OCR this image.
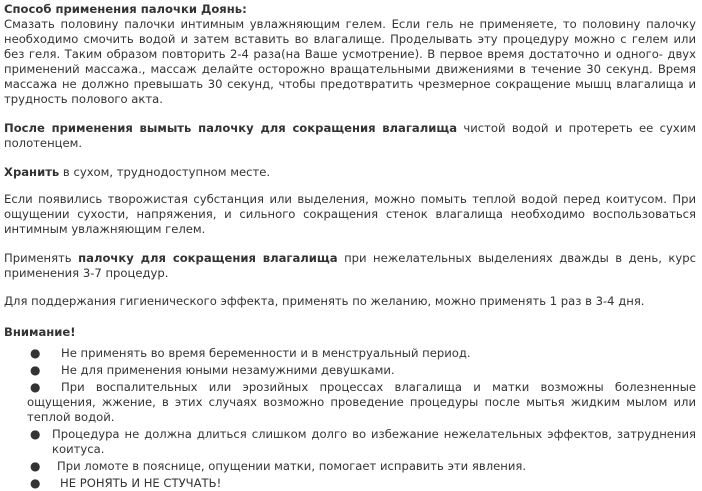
Способ применения палочки Доянь:

Смазать половину палочки интимным увлажняющим гелем. Если гель не применяете, то половину палочку необходимо смочить водой и затем вставить во влагалище. Проделывать эту процедуру можно с гелем или без геля. Таким образом повторить 2-4 раза(на Ваше усмотрение). В первое время достаточно и одного- двух применений массажа., массаж делайте осторожно вращательными движениями в течение 30 секунд. Время массажа не должно превышать 30 секунд, чтобы предотвратить чрезмерное сокращение мышц влагалища и трудность полового акта.

После применения вымыть палочку для сокращения влагалища чистой водой и протереть ее сухим полотенцем.

Хранить в сухом, труднодоступном месте.

Если появились творожистая субстанция или выделения, можно помыть теплой водой перед коитусом. При ощущении сухости, напряжения, и сильного сокращения стенок влагалища необходимо воспользоваться интимным увлажняющим гелем.

Применять палочку для сокращения влагалища при нежелательных выделениях дважды в день, курс применения 3-7 процедур.

Для поддержания гигиенического эффекта, применять по желанию, можно применять 1 раз в 3-4 дня.

Внимание!

●	Не применять во время беременности и в менструальный период.
●	Не для применения юными незамужними девушками.
●	При воспалительных или эрозийных процессах влагалища и матки возможны болезненные ощущения, жжение, в этих случаях возможно проведение процедуры после мытья жидким мылом или теплой водой.
● Процедура не должна длиться слишком долго во избежание нежелательных эффектов, затруднения коитуса.
●	При ломоте в пояснице, опущении матки, помогает исправить эти явления.
●	НЕ РОНЯТЬ И НЕ СТУЧАТЬ!
